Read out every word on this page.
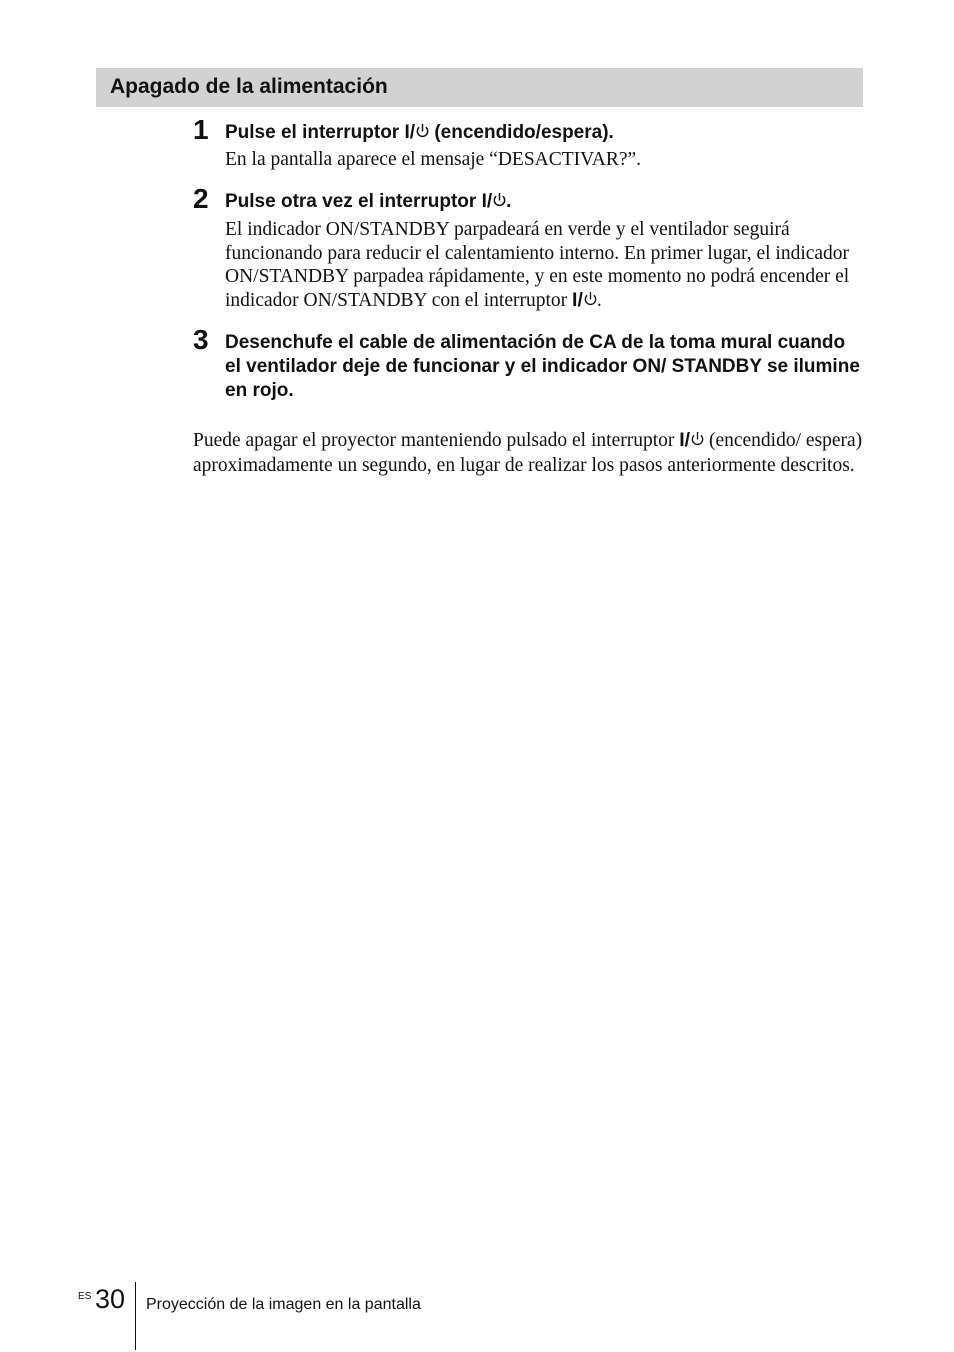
Apagado de la alimentación
1 Pulse el interruptor I/
(encendido/espera).
En la pantalla aparece el mensaje “DESACTIVAR?”.
2 Pulse otra vez el interruptor I/ .
El indicador ON/STANDBY parpadeará en verde y el ventilador seguirá funcionando para reducir el calentamiento interno. En primer lugar, el indicador ON/STANDBY parpadea rápidamente, y en este momento no podrá encender el indicador ON/STANDBY con el interruptor I/ .
3 Desenchufe el cable de alimentación de CA de la toma mural cuando el ventilador deje de funcionar y el indicador ON/ STANDBY se ilumine en rojo.
Puede apagar el proyector manteniendo pulsado el interruptor I/
(encendido/ espera) aproximadamente un segundo, en lugar de realizar los pasos anteriormente descritos.
ES 30 Proyección de la imagen en la pantalla
